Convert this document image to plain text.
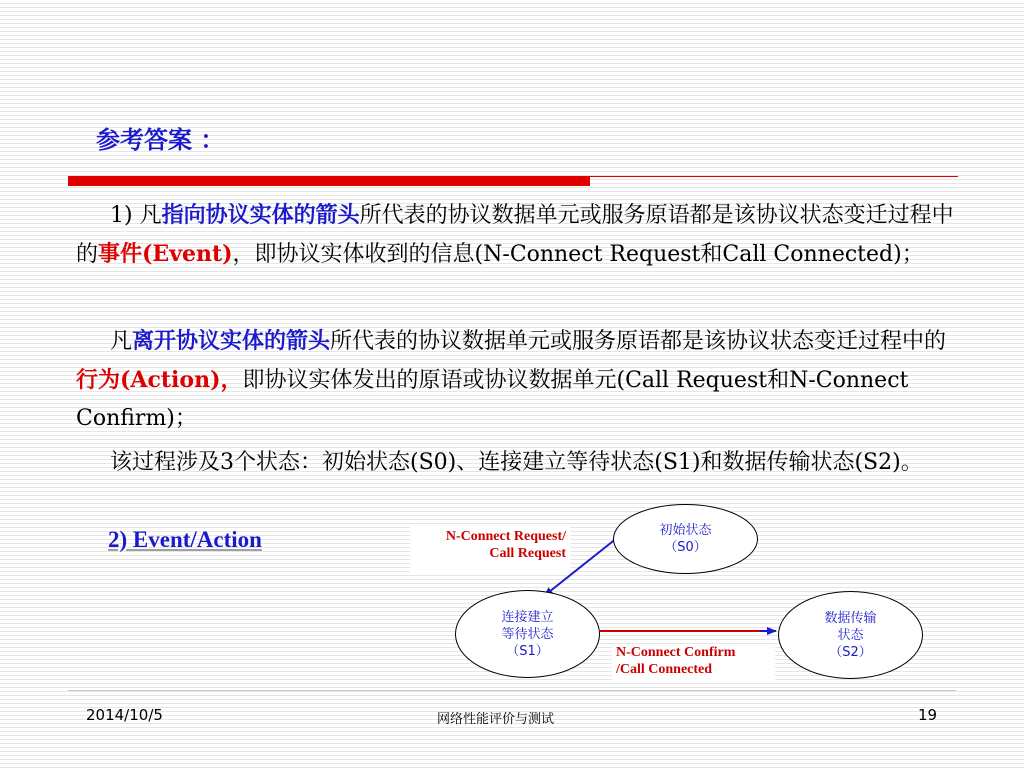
参考答案 ：
1) 凡指向协议实体的箭头所代表的协议数据单元或服务原语都是该协议状态变迁过程中的事件(Event)，即协议实体收到的信息(N-Connect Request和Call Connected)；
凡离开协议实体的箭头所代表的协议数据单元或服务原语都是该协议状态变迁过程中的行为(Action)，即协议实体发出的原语或协议数据单元(Call Request和N-Connect Confirm)；
该过程涉及3个状态：初始状态(S0)、连接建立等待状态(S1)和数据传输状态(S2)。
2) Event/Action	N-Connect Request/
Call Request
N-Connect Confirm
/Call Connected
初始状态
（S0）
连接建立
等待状态
（S1）
数据传输
状态
（S2）
2014/10/5	网络性能评价与测试	19
